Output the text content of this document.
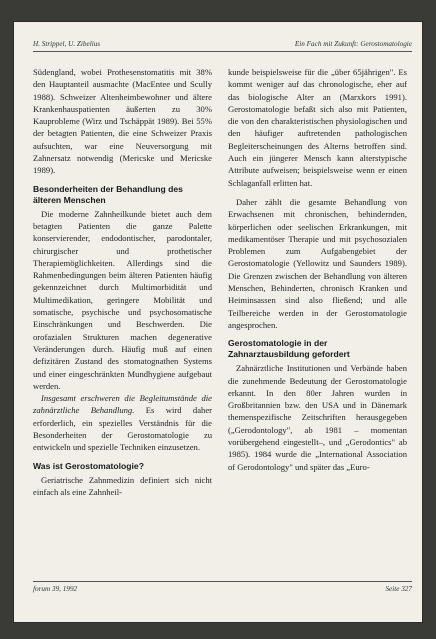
H. Strippel, U. Zibelius	Ein Fach mit Zukunft: Gerostomatologie

Südengland, wobei Prothesenstomatitis mit 38% den Hauptanteil ausmachte (MacEntee und Scully 1988). Schweizer Altenheimbewohner und ältere Krankenhauspatienten äußerten zu 30% Kauprobleme (Wirz und Tschäppät 1989). Bei 55% der betagten Patienten, die eine Schweizer Praxis aufsuchten, war eine Neuversorgung mit Zahnersatz notwendig (Mericske und Mericske 1989).

Besonderheiten der Behandlung des älteren Menschen

Die moderne Zahnheilkunde bietet auch dem betagten Patienten die ganze Palette konservierender, endodontischer, parodontaler, chirurgischer und prothetischer Therapiemöglichkeiten. Allerdings sind die Rahmenbedingungen beim älteren Patienten häufig gekennzeichnet durch Multimorbidität und Multimedikation, geringere Mobilität und somatische, psychische und psychosomatische Einschränkungen und Beschwerden. Die orofazialen Strukturen machen degenerative Veränderungen durch. Häufig muß auf einen defizitären Zustand des stomatognathen Systems und einer eingeschränkten Mundhygiene aufgebaut werden.

Insgesamt erschweren die Begleitumstände die zahnärztliche Behandlung. Es wird daher erforderlich, ein spezielles Verständnis für die Besonderheiten der Gerostomatologie zu entwickeln und spezielle Techniken einzusetzen.

Was ist Gerostomatologie?

Geriatrische Zahnmedizin definiert sich nicht einfach als eine Zahnheil-

kunde beispielsweise für die „über 65jährigen". Es kommt weniger auf das chronologische, eher auf das biologische Alter an (Marxkors 1991). Gerostomatologie befaßt sich also mit Patienten, die von den charakteristischen physiologischen und den häufiger auftretenden pathologischen Begleiterscheinungen des Alterns betroffen sind. Auch ein jüngerer Mensch kann alterstypische Attribute aufweisen; beispielsweise wenn er einen Schlaganfall erlitten hat.

Daher zählt die gesamte Behandlung von Erwachsenen mit chronischen, behindernden, körperlichen oder seelischen Erkrankungen, mit medikamentöser Therapie und mit psychosozialen Problemen zum Aufgabengebiet der Gerostomatologie (Yellowitz und Saunders 1989). Die Grenzen zwischen der Behandlung von älteren Menschen, Behinderten, chronisch Kranken und Heiminsassen sind also fließend; und alle Teilbereiche werden in der Gerostomatologie angesprochen.

Gerostomatologie in der Zahnarztausbildung gefordert

Zahnärztliche Institutionen und Verbände haben die zunehmende Bedeutung der Gerostomatologie erkannt. In den 80er Jahren wurden in Großbritannien bzw. den USA und in Dänemark themenspezifische Zeitschriften herausgegeben („Gerodontology", ab 1981 – momentan vorübergehend eingestellt–, und „Gerodontics" ab 1985). 1984 wurde die „International Association of Gerodontology" und später das „Euro-

forum 39, 1992	Seite 327
